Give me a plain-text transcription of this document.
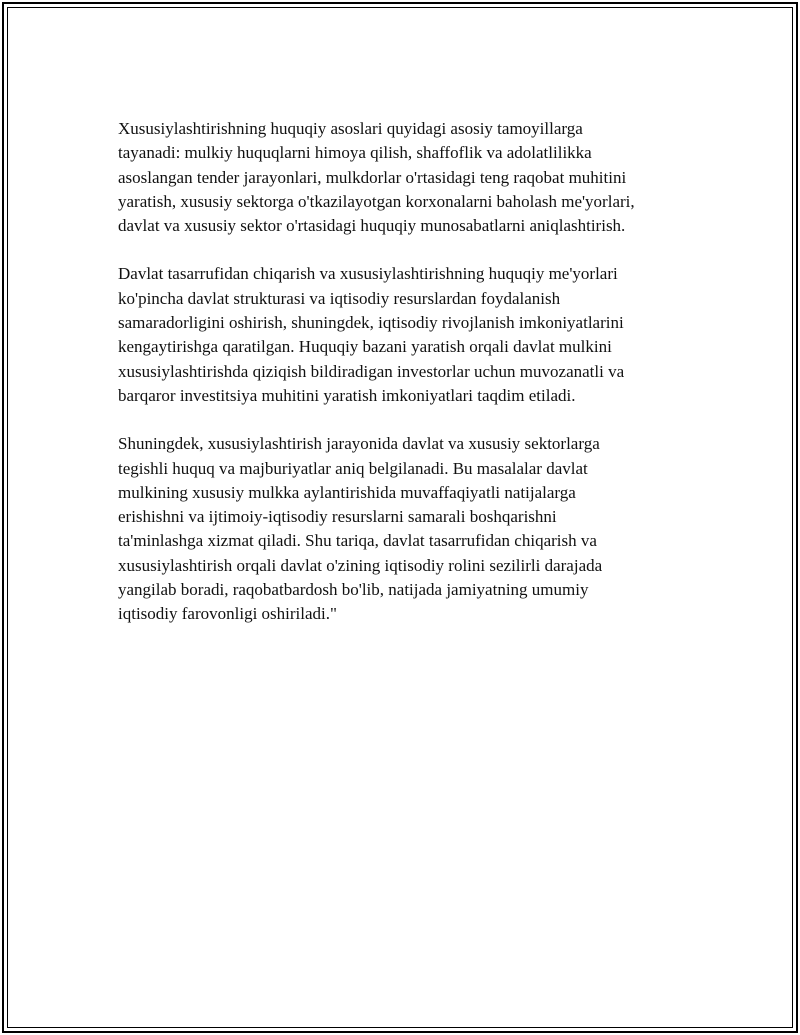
Xususiylashtirishning huquqiy asoslari quyidagi asosiy tamoyillarga
tayanadi: mulkiy huquqlarni himoya qilish, shaffoflik va adolatlilikka
asoslangan tender jarayonlari, mulkdorlar o'rtasidagi teng raqobat muhitini
yaratish, xususiy sektorga o'tkazilayotgan korxonalarni baholash me'yorlari,
davlat va xususiy sektor o'rtasidagi huquqiy munosabatlarni aniqlashtirish.

Davlat tasarrufidan chiqarish va xususiylashtirishning huquqiy me'yorlari
ko'pincha davlat strukturasi va iqtisodiy resurslardan foydalanish
samaradorligini oshirish, shuningdek, iqtisodiy rivojlanish imkoniyatlarini
kengaytirishga qaratilgan. Huquqiy bazani yaratish orqali davlat mulkini
xususiylashtirishda qiziqish bildiradigan investorlar uchun muvozanatli va
barqaror investitsiya muhitini yaratish imkoniyatlari taqdim etiladi.

Shuningdek, xususiylashtirish jarayonida davlat va xususiy sektorlarga
tegishli huquq va majburiyatlar aniq belgilanadi. Bu masalalar davlat
mulkining xususiy mulkka aylantirishida muvaffaqiyatli natijalarga
erishishni va ijtimoiy-iqtisodiy resurslarni samarali boshqarishni
ta'minlashga xizmat qiladi. Shu tariqa, davlat tasarrufidan chiqarish va
xususiylashtirish orqali davlat o'zining iqtisodiy rolini sezilirli darajada
yangilab boradi, raqobatbardosh bo'lib, natijada jamiyatning umumiy
iqtisodiy farovonligi oshiriladi."
